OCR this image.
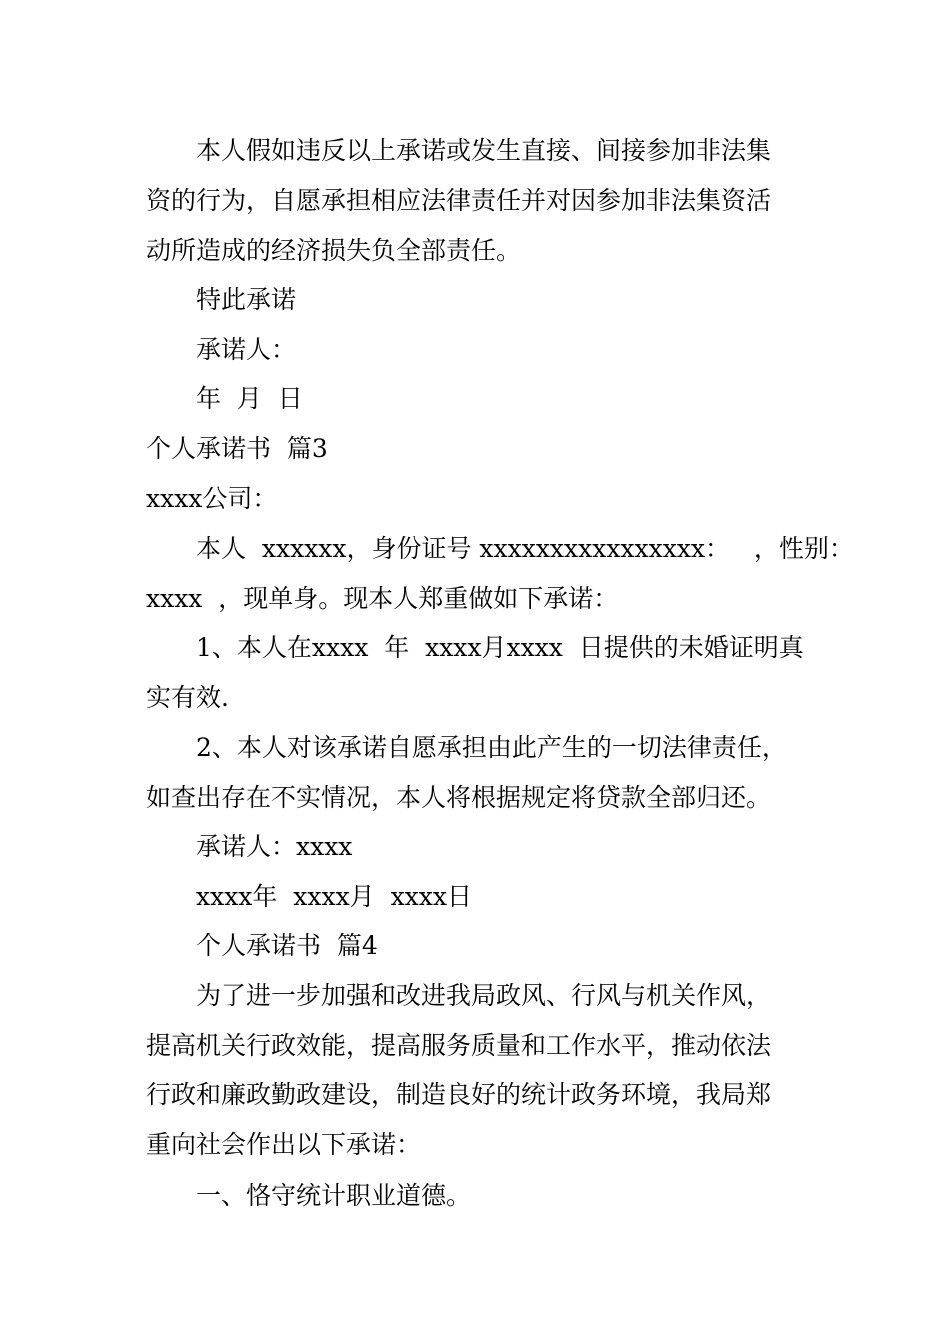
本人假如违反以上承诺或发生直接、间接参加非法集
资的行为，自愿承担相应法律责任并对因参加非法集资活
动所造成的经济损失负全部责任。
特此承诺
承诺人：
年  月  日
个人承诺书  篇3
xxxx公司：
本人  xxxxxx，身份证号 xxxxxxxxxxxxxxxx：   ，性别：
xxxx  ，现单身。现本人郑重做如下承诺：
1、本人在xxxx  年  xxxx月xxxx  日提供的未婚证明真
实有效.
2、本人对该承诺自愿承担由此产生的一切法律责任，
如查出存在不实情况，本人将根据规定将贷款全部归还。
承诺人：xxxx
xxxx年  xxxx月  xxxx日
个人承诺书  篇4
为了进一步加强和改进我局政风、行风与机关作风，
提高机关行政效能，提高服务质量和工作水平，推动依法
行政和廉政勤政建设，制造良好的统计政务环境，我局郑
重向社会作出以下承诺：
一、恪守统计职业道德。
